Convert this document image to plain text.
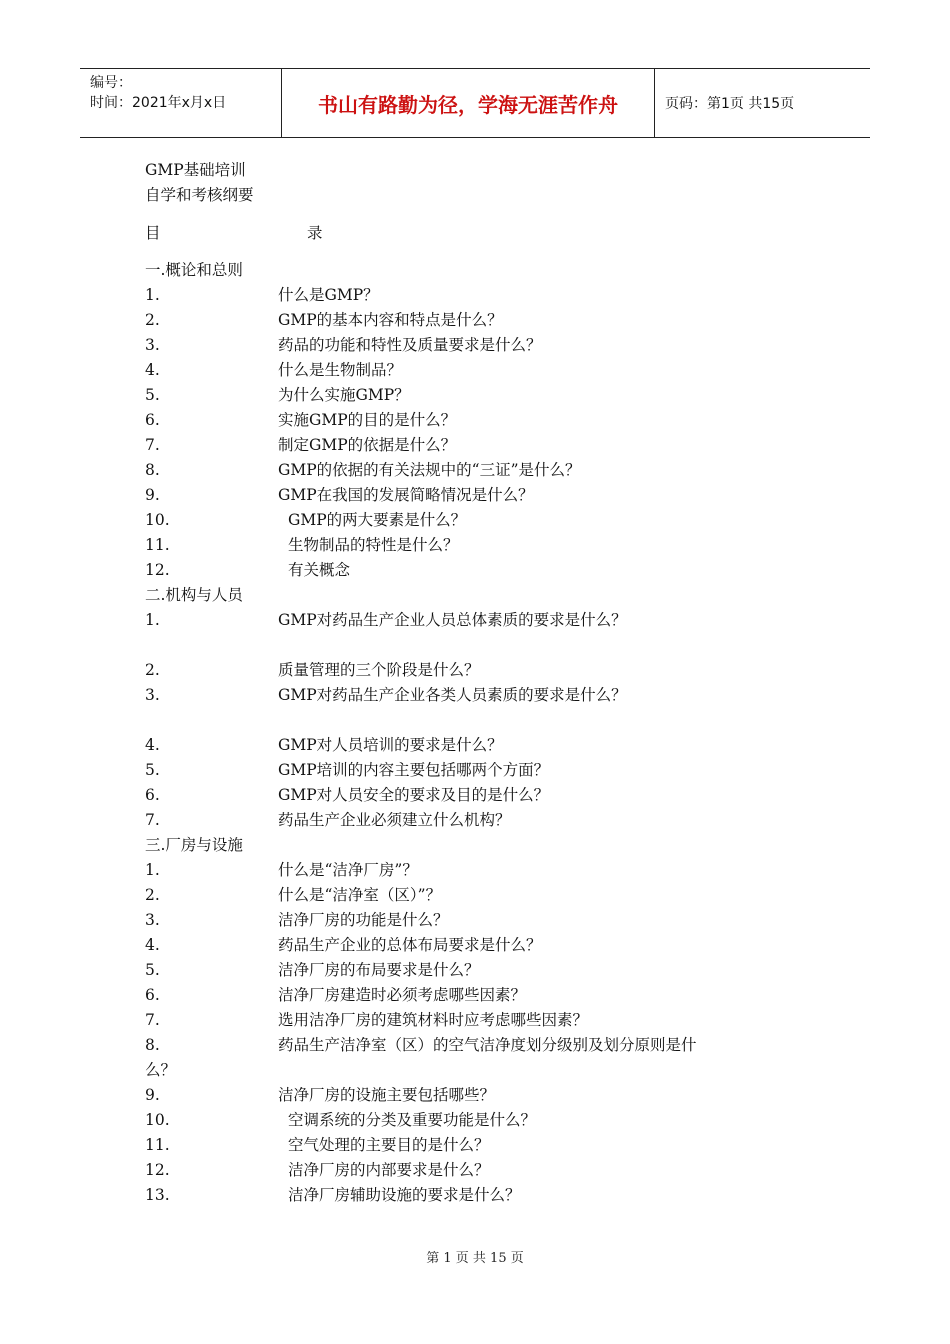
编号：
时间：2021年x月x日	书山有路勤为径，学海无涯苦作舟	页码：第1页 共15页
GMP基础培训
自学和考核纲要
目	录
一.概论和总则
1.	什么是GMP？
2.	GMP的基本内容和特点是什么？
3.	药品的功能和特性及质量要求是什么？
4.	什么是生物制品？
5.	为什么实施GMP？
6.	实施GMP的目的是什么？
7.	制定GMP的依据是什么？
8.	GMP的依据的有关法规中的“三证”是什么？
9.	GMP在我国的发展简略情况是什么？
10.	GMP的两大要素是什么？
11.	生物制品的特性是什么？
12.	有关概念
二.机构与人员
1.	GMP对药品生产企业人员总体素质的要求是什么？
2.	质量管理的三个阶段是什么？
3.	GMP对药品生产企业各类人员素质的要求是什么？
4.	GMP对人员培训的要求是什么？
5.	GMP培训的内容主要包括哪两个方面？
6.	GMP对人员安全的要求及目的是什么？
7.	药品生产企业必须建立什么机构？
三.厂房与设施
1.	什么是“洁净厂房”？
2.	什么是“洁净室（区）”？
3.	洁净厂房的功能是什么？
4.	药品生产企业的总体布局要求是什么？
5.	洁净厂房的布局要求是什么？
6.	洁净厂房建造时必须考虑哪些因素？
7.	选用洁净厂房的建筑材料时应考虑哪些因素？
8.	药品生产洁净室（区）的空气洁净度划分级别及划分原则是什
么？
9.	洁净厂房的设施主要包括哪些？
10.	空调系统的分类及重要功能是什么？
11.	空气处理的主要目的是什么？
12.	洁净厂房的内部要求是什么？
13.	洁净厂房辅助设施的要求是什么？
第 1 页 共 15 页
